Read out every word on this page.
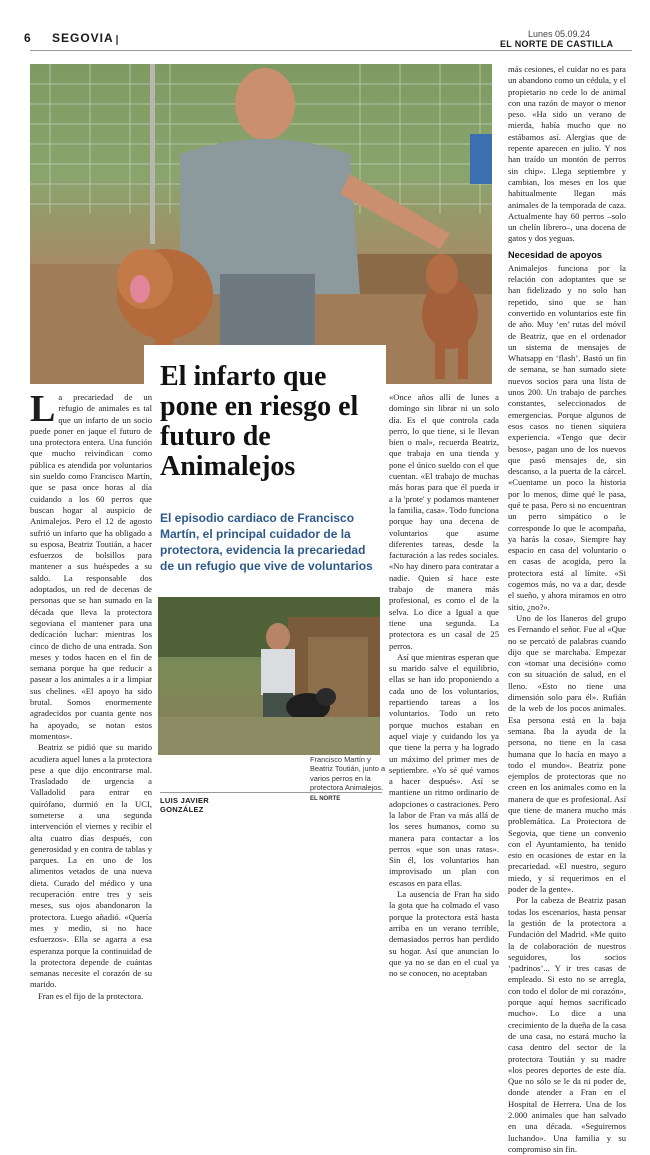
6 SEGOVIA	Lunes 05.09.24
EL NORTE DE CASTILLA
El infarto que pone en riesgo el futuro de Animalejos
El episodio cardiaco de Francisco Martín, el principal cuidador de la protectora, evidencia la precariedad de un refugio que vive de voluntarios

La precariedad de un refugio de animales es tal que un infarto de un socio puede poner en jaque el futuro de una protectora entera. Una función que mucho reivindican como pública es atendida por voluntarios sin sueldo como Francisco Martín, que se pasa once horas al día cuidando a los 60 perros que buscan hogar al auspicio de Animalejos. Pero el 12 de agosto sufrió un infarto que ha obligado a su esposa, Beatriz Toutián, a hacer esfuerzos de bolsillos para mantener a sus huéspedes a su saldo. La responsable dos adoptados, un red de decenas de personas que se han sumado en la década que lleva la protectora segoviana el mantener para una dedicación luchar: mientras los cinco de dicho de una entrada. Son meses y todos hacen en el fin de semana porque ha que reducir a pasear a los animales a ir a limpiar sus chelines. «El apoyo ha sido brutal. Somos enormemente agradecidos por cuanta gente nos ha apoyado, se notan estos momentos».

Beatriz se pidió que su marido acudiera aquel lunes a la protectora pese a que dijo encontrarse mal. Trasladado de urgencia a Valladolid para entrar en quirófano, durmió en la UCI, someterse a una segunda intervención el viernes y recibir el alta cuatro días después, con generosidad y en contra de tablas y parques. La en uno de los alimentos vetados de una nueva dieta. Curado del médico y una recuperación entre tres y seis meses, sus ojos abandonaron la protectora. Luego añadió. «Quería mes y medio, si no hace esfuerzos». Ella se agarra a esa esperanza porque la continuidad de la protectora depende de cuántas semanas necesite el corazón de su marido.

Fran es el fijo de la protectora.

Francisco Martín y Beatriz Toutián, junto a varios perros en la protectora Animalejos. EL NORTE
LUIS JAVIER
GONZÁLEZ

«Once años allí de lunes a domingo sin librar ni un solo día. Es el que controla cada perro, lo que tiene, si le llevan bien o mal», recuerda Beatriz, que trabaja en una tienda y pone el único sueldo con el que cuentan. «El trabajo de muchas más horas para que él pueda ir a la 'prote' y podamos mantener la familia, casa». Todo funciona porque hay una decena de voluntarios que asume diferentes tareas, desde la facturación a las redes sociales. «No hay dinero para contratar a nadie. Quien sí hace este trabajo de manera más profesional, es como el de la selva. Lo dice a Igual a que tiene una segunda. La protectora es un casal de 25 perros.

Así que mientras esperan que su marido salve el equilibrio, ellas se han ido proponiendo a cada uno de los voluntarios, repartiendo tareas a los voluntarios. Todo un reto porque muchos estaban en aquel viaje y cuidando los ya que tiene la perra y ha logrado un máximo del primer mes de septiembre. «Yo sé qué vamos a hacer después». Así se mantiene un ritmo ordinario de adopciones o castraciones. Pero la labor de Fran va más allá de los seres humanos, como su manera para contactar a los perros «que son unas ratas». Sin él, los voluntarios han improvisado un plan con escasos en para ellas.

La ausencia de Fran ha sido la gota que ha colmado el vaso porque la protectora está hasta arriba en un verano terrible, demasiados perros han perdido su hogar. Así que anuncian lo que ya no se dan en el cual ya no se conocen, no aceptaban

más cesiones, el cuidar no es para un abandono como un cédula, y el propietario no cede lo de animal con una razón de mayor o menor peso. «Ha sido un verano de mierda, había mucho que no estábamos así. Alergias que de repente aparecen en julio. Y nos han traído un montón de perros sin chip». Llega septiembre y cambian, los meses en los que habitualmente llegan más animales de la temporada de caza. Actualmente hay 60 perros –solo un chelín librero–, una docena de gatos y dos yeguas.

Necesidad de apoyos

Animalejos funciona por la relación con adoptantes que se han fidelizado y no solo han repetido, sino que se han convertido en voluntarios este fin de año. Muy ‘en’ rutas del móvil de Beatriz, que en el ordenador un sistema de mensajes de Whatsapp en ‘flash’. Bastó un fin de semana, se han sumado siete nuevos socios para una lista de unos 200. Un trabajo de parches constantes, seleccionados de emergencias. Porque algunos de esos casos no tienen siquiera experiencia. «Tengo que decir besos», pagan uno de los nuevos que pasó mensajes de, sin descanso, a la puerta de la cárcel. «Cuentame un poco la historia por lo menos, dime qué le pasa, qué te pasa. Pero si no encuentran un perro simpático o le corresponde lo que le acompaña, ya harás la cosa». Siempre hay espacio en casa del voluntario o en casas de acogida, pero la protectora está al límite. «Si cogemos más, no va a dar, desde el sueño, y ahora miramos en otro sitio, ¿no?».

Uno de los llaneros del grupo es Fernando el señor. Fue al «Que no se percató de palabras cuando dijo que se marchaba. Empezar con «tomar una decisión» como con su situación de salud, en el lleno. «Esto no tiene una dimensión solo para él». Rufián de la web de los pocos animales. Esa persona está en la baja semana. Iba la ayuda de la persona, no tiene en la casa humana que lo hacía en mayo a todo el mundo». Beatriz pone ejemplos de protectoras que no creen en los animales como en la manera de que es profesional. Así que tiene de manera mucho más problemática. La Protectora de Segovia, que tiene un convenio con el Ayuntamiento, ha tenido esto en ocasiones de estar en la precariedad. «El nuestro, seguro miedo, y sí requerimos en el poder de la gente».

Por la cabeza de Beatriz pasan todas los escenarios, hasta pensar la gestión de la protectora a Fundación del Madrid. «Me quito la de colaboración de nuestros seguidores, los socios ‘padrinos’... Y ir tres casas de empleado. Si esto no se arregla, con todo el dolor de mi corazón», porque aquí hemos sacrificado mucho». Lo dice a una crecimiento de la dueña de la casa de una casa, no estará mucho la casa dentro del sector de la protectora Toutián y su madre «los peores deportes de este día. Que no sólo se le da ni poder de, donde atender a Fran en el Hospital de Herrera. Una de los 2.000 animales que han salvado en una década. «Seguiremos luchando». Una familia y su compromiso sin fin.
